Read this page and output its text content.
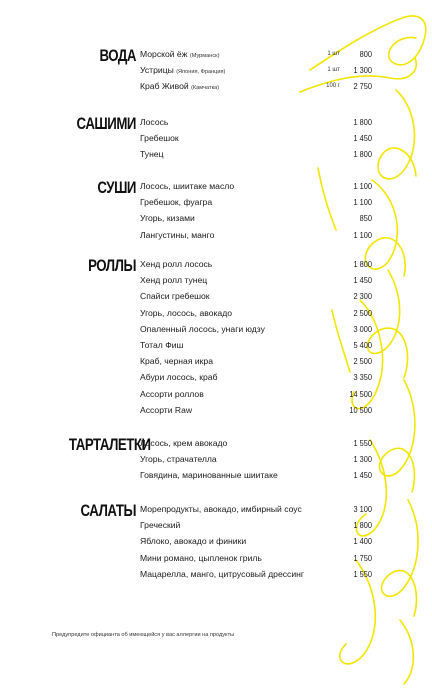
ВОДА Морской ёж (Мурманск)	1 шт	800
Устрицы (Япония, Франция)	1 шт	1 300
Краб Живой (Камчатка)	100 г	2 750
САШИМИ Лосось	1 800
Гребешок	1 450
Тунец	1 800
СУШИ Лосось, шиитаке масло	1 100
Гребешок, фуагра	1 100
Угорь, кизами	850
Лангустины, манго	1 100
РОЛЛЫ Хенд ролл лосось	1 800
Хенд ролл тунец	1 450
Спайси гребешок	2 300
Угорь, лосось, авокадо	2 500
Опаленный лосось, унаги юдзу	3 000
Тотал Фиш	5 400
Краб, черная икра	2 500
Абури лосось, краб	3 350
Ассорти роллов	14 500
Ассорти Raw	10 500
ТАРТАЛЕТКИ
Лосось, крем авокадо	1 550
Угорь, страчателла	1 300
Говядина, маринованные шиитаке	1 450
САЛАТЫ Морепродукты, авокадо, имбирный соус	3 100
Греческий	1 800
Яблоко, авокадо и финики	1 400
Мини романо, цыпленок гриль	1 750
Мацарелла, манго, цитрусовый дрессинг	1 550
Предупредите официанта об имеющейся у вас аллергии на продукты
